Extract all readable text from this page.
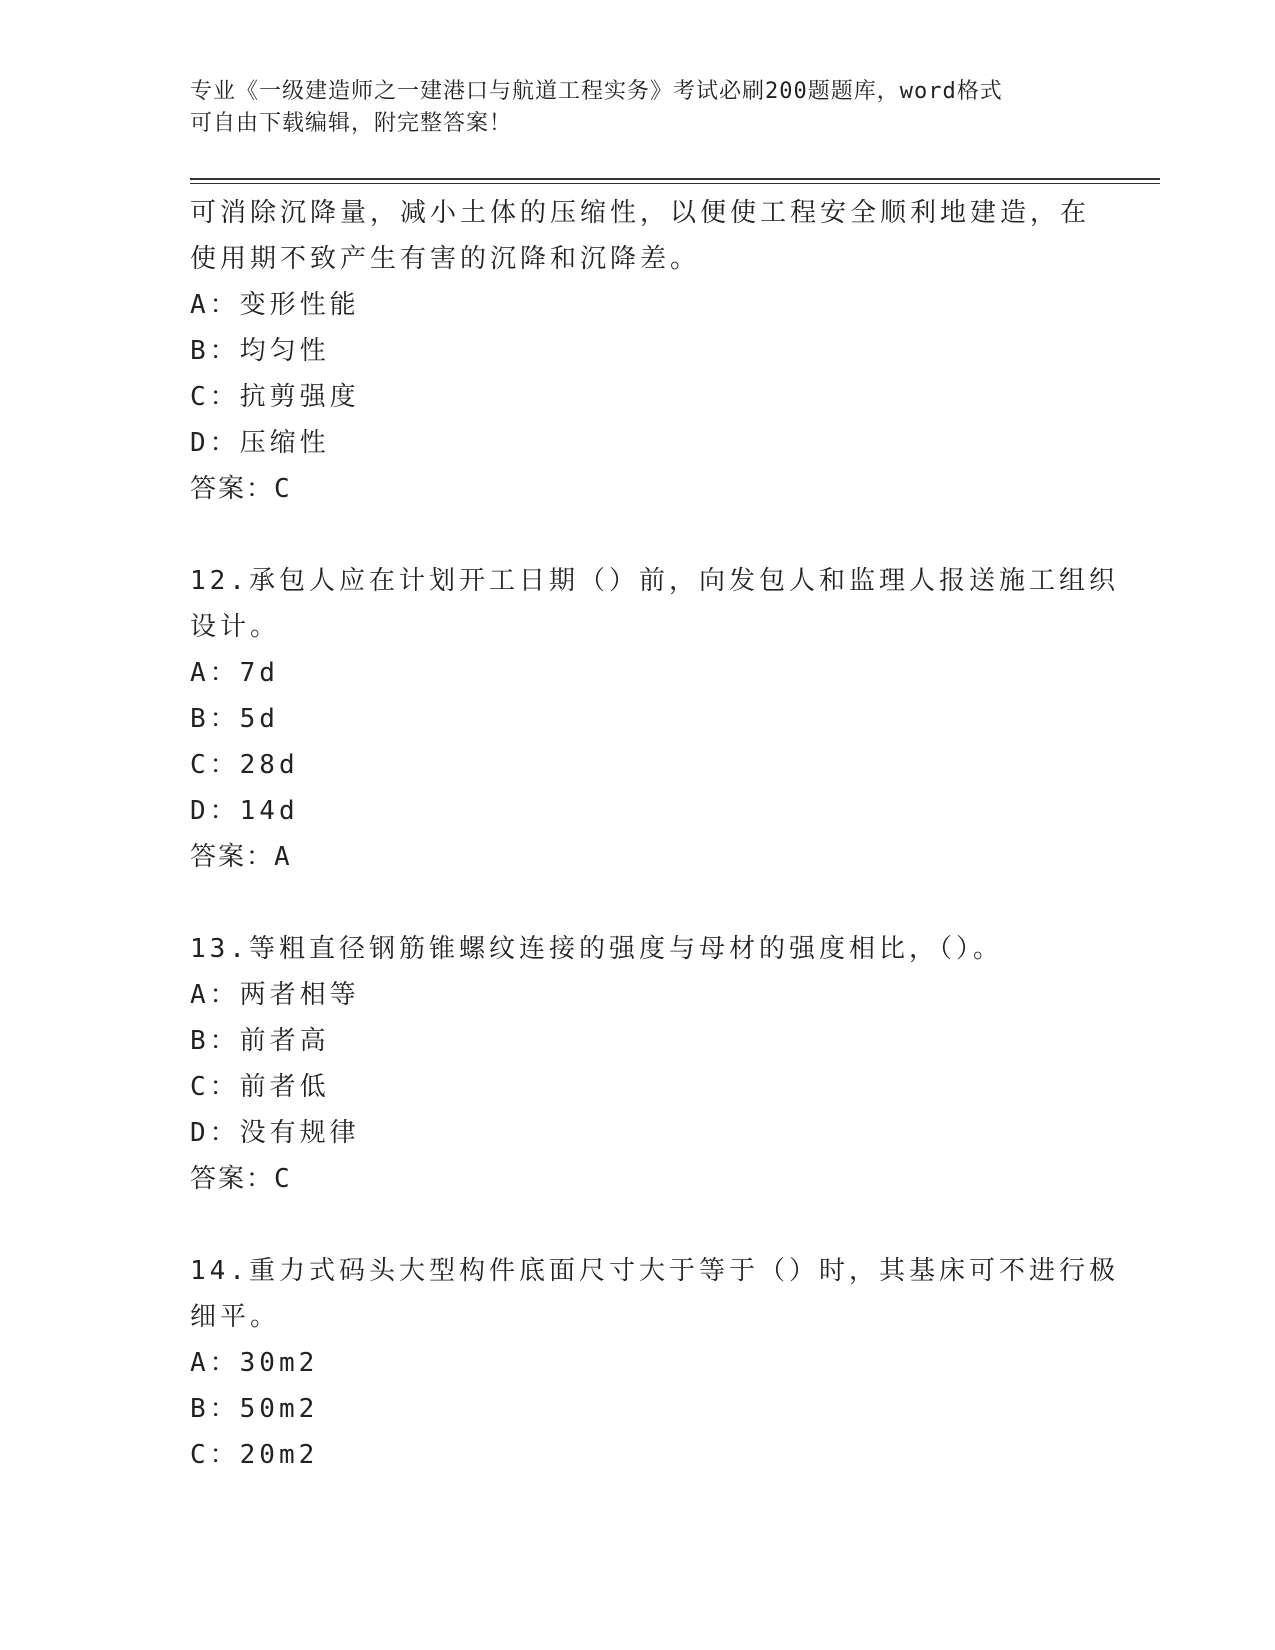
专业《一级建造师之一建港口与航道工程实务》考试必刷200题题库，word格式
可自由下载编辑，附完整答案！
可消除沉降量，减小土体的压缩性，以便使工程安全顺利地建造，在
使用期不致产生有害的沉降和沉降差。
A：变形性能
B：均匀性
C：抗剪强度
D：压缩性
答案：C
12.承包人应在计划开工日期（）前，向发包人和监理人报送施工组织
设计。
A：7d
B：5d
C：28d
D：14d
答案：A
13.等粗直径钢筋锥螺纹连接的强度与母材的强度相比，（）。
A：两者相等
B：前者高
C：前者低
D：没有规律
答案：C
14.重力式码头大型构件底面尺寸大于等于（）时，其基床可不进行极
细平。
A：30m2
B：50m2
C：20m2
